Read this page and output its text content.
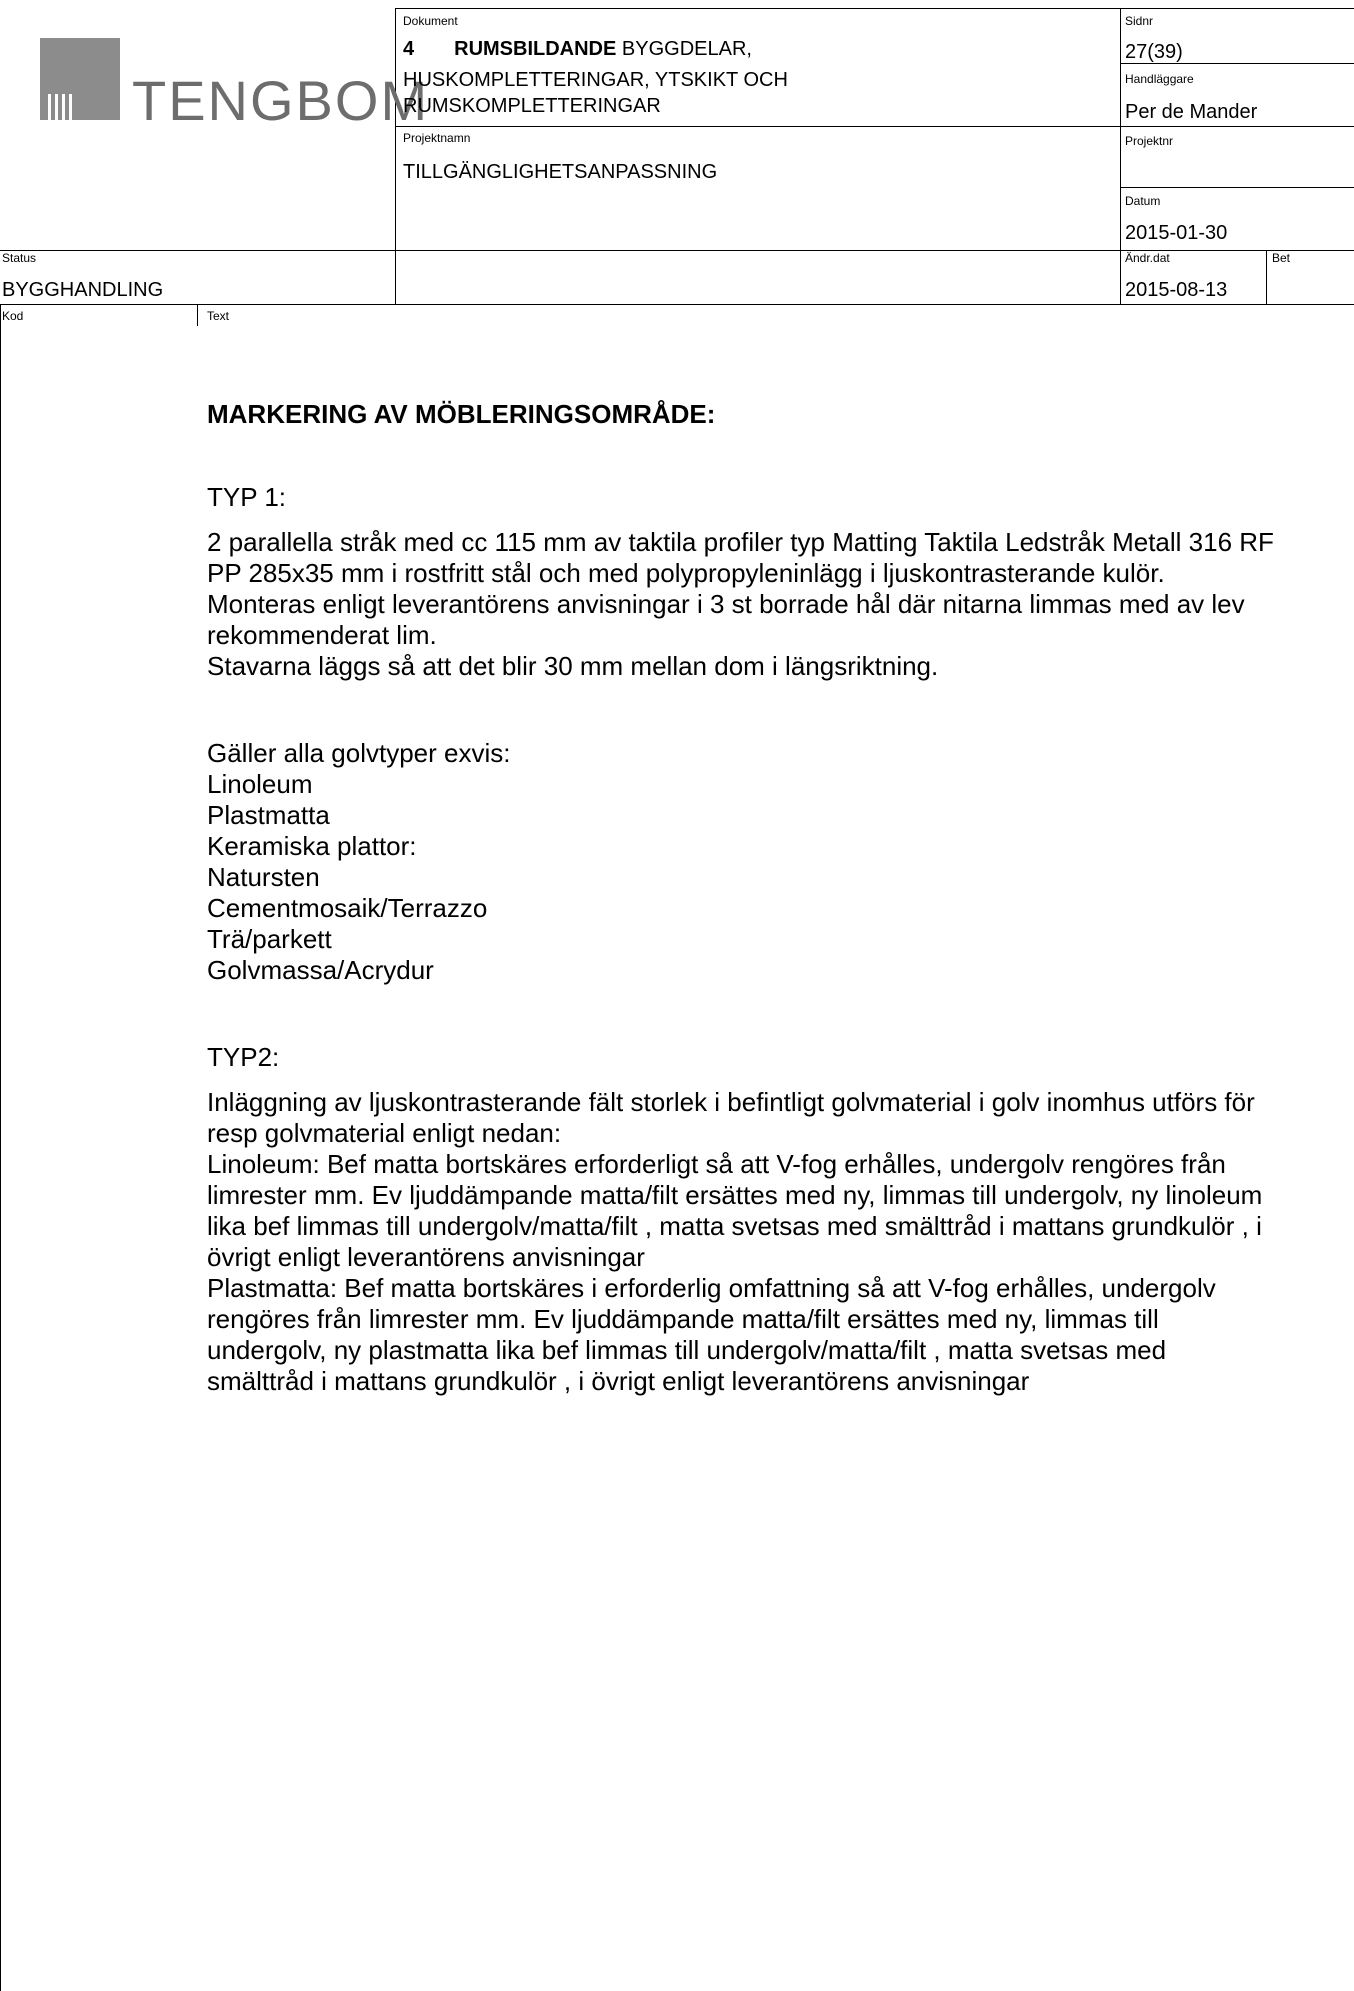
TENGBOM
Dokument
4 RUMSBILDANDE BYGGDELAR,
HUSKOMPLETTERINGAR, YTSKIKT OCH
RUMSKOMPLETTERINGAR
Projektnamn
TILLGÄNGLIGHETSANPASSNING
Sidnr
27(39)
Handläggare
Per de Mander
Projektnr
Datum
2015-01-30
Ändr.dat
2015-08-13
Bet
Status
BYGGHANDLING
Kod	Text

MARKERING AV MÖBLERINGSOMRÅDE:

TYP 1:

2 parallella stråk med cc 115 mm av taktila profiler typ Matting Taktila Ledstråk Metall 316 RF PP 285x35 mm i rostfritt stål och med polypropyleninlägg i ljuskontrasterande kulör. Monteras enligt leverantörens anvisningar i 3 st borrade hål där nitarna limmas med av lev rekommenderat lim.

Stavarna läggs så att det blir 30 mm mellan dom i längsriktning.

Gäller alla golvtyper exvis:

Linoleum

Plastmatta

Keramiska plattor:

Natursten

Cementmosaik/Terrazzo

Trä/parkett

Golvmassa/Acrydur

TYP2:

Inläggning av ljuskontrasterande fält storlek i befintligt golvmaterial i golv inomhus utförs för resp golvmaterial enligt nedan:

Linoleum: Bef matta bortskäres erforderligt så att V-fog erhålles, undergolv rengöres från limrester mm. Ev ljuddämpande matta/filt ersättes med ny, limmas till undergolv, ny linoleum lika bef limmas till undergolv/matta/filt , matta svetsas med smälttråd i mattans grundkulör , i övrigt enligt leverantörens anvisningar

Plastmatta: Bef matta bortskäres i erforderlig omfattning så att V-fog erhålles, undergolv rengöres från limrester mm. Ev ljuddämpande matta/filt ersättes med ny, limmas till undergolv, ny plastmatta lika bef limmas till undergolv/matta/filt , matta svetsas med smälttråd i mattans grundkulör , i övrigt enligt leverantörens anvisningar
